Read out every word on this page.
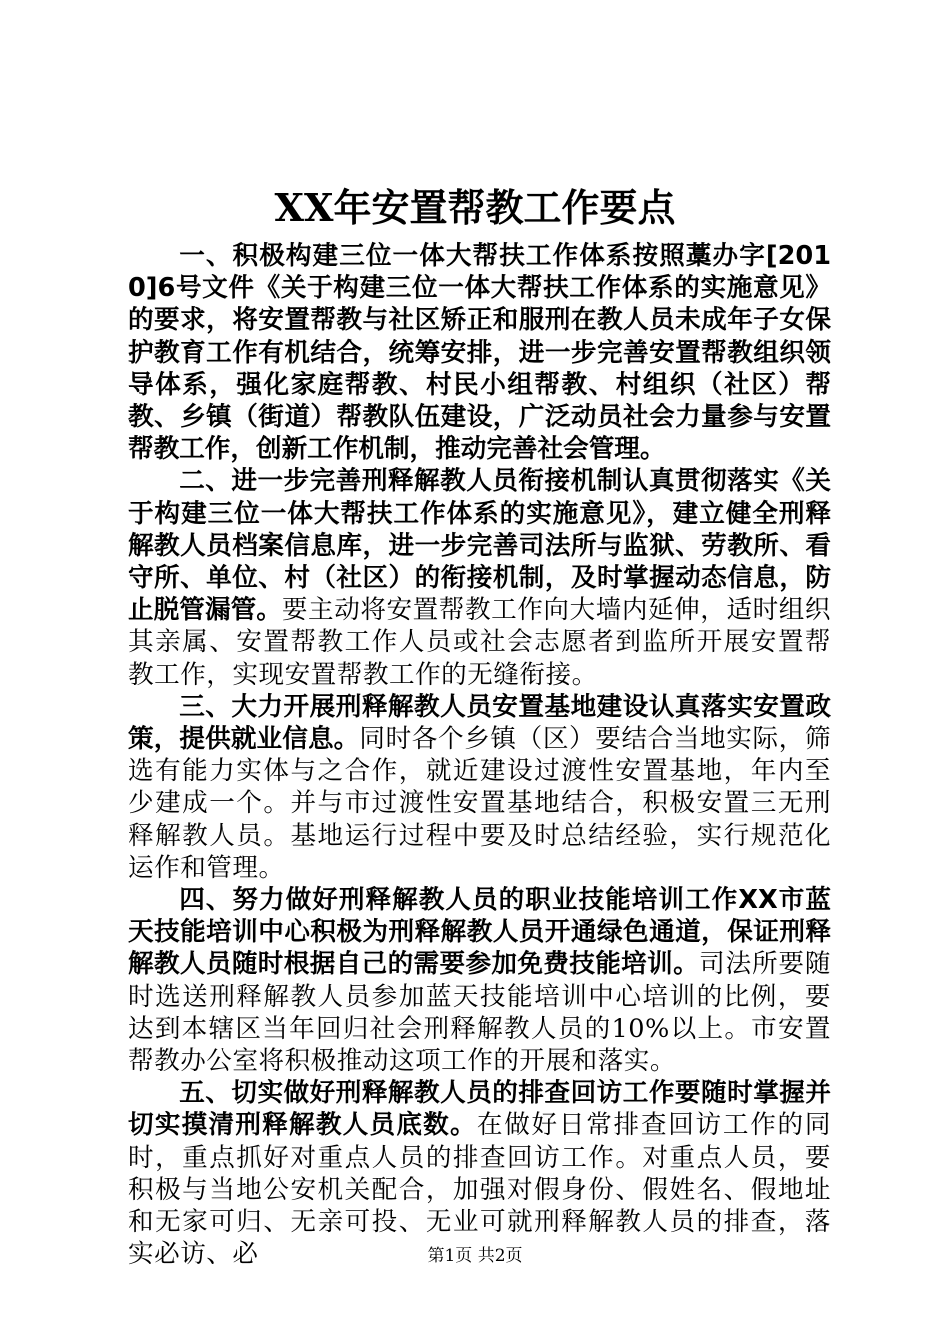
XX年安置帮教工作要点

一、积极构建三位一体大帮扶工作体系按照藁办字[2010]6号文件《关于构建三位一体大帮扶工作体系的实施意见》的要求，将安置帮教与社区矫正和服刑在教人员未成年子女保护教育工作有机结合，统筹安排，进一步完善安置帮教组织领导体系，强化家庭帮教、村民小组帮教、村组织（社区）帮教、乡镇（街道）帮教队伍建设，广泛动员社会力量参与安置帮教工作，创新工作机制，推动完善社会管理。

二、进一步完善刑释解教人员衔接机制认真贯彻落实《关于构建三位一体大帮扶工作体系的实施意见》，建立健全刑释解教人员档案信息库，进一步完善司法所与监狱、劳教所、看守所、单位、村（社区）的衔接机制，及时掌握动态信息，防止脱管漏管。要主动将安置帮教工作向大墙内延伸，适时组织其亲属、安置帮教工作人员或社会志愿者到监所开展安置帮教工作，实现安置帮教工作的无缝衔接。

三、大力开展刑释解教人员安置基地建设认真落实安置政策，提供就业信息。同时各个乡镇（区）要结合当地实际，筛选有能力实体与之合作，就近建设过渡性安置基地，年内至少建成一个。并与市过渡性安置基地结合，积极安置三无刑释解教人员。基地运行过程中要及时总结经验，实行规范化运作和管理。

四、努力做好刑释解教人员的职业技能培训工作XX市蓝天技能培训中心积极为刑释解教人员开通绿色通道，保证刑释解教人员随时根据自己的需要参加免费技能培训。司法所要随时选送刑释解教人员参加蓝天技能培训中心培训的比例，要达到本辖区当年回归社会刑释解教人员的10%以上。市安置帮教办公室将积极推动这项工作的开展和落实。

五、切实做好刑释解教人员的排查回访工作要随时掌握并切实摸清刑释解教人员底数。在做好日常排查回访工作的同时，重点抓好对重点人员的排查回访工作。对重点人员，要积极与当地公安机关配合，加强对假身份、假姓名、假地址和无家可归、无亲可投、无业可就刑释解教人员的排查，落实必访、必	第1页 共2页
